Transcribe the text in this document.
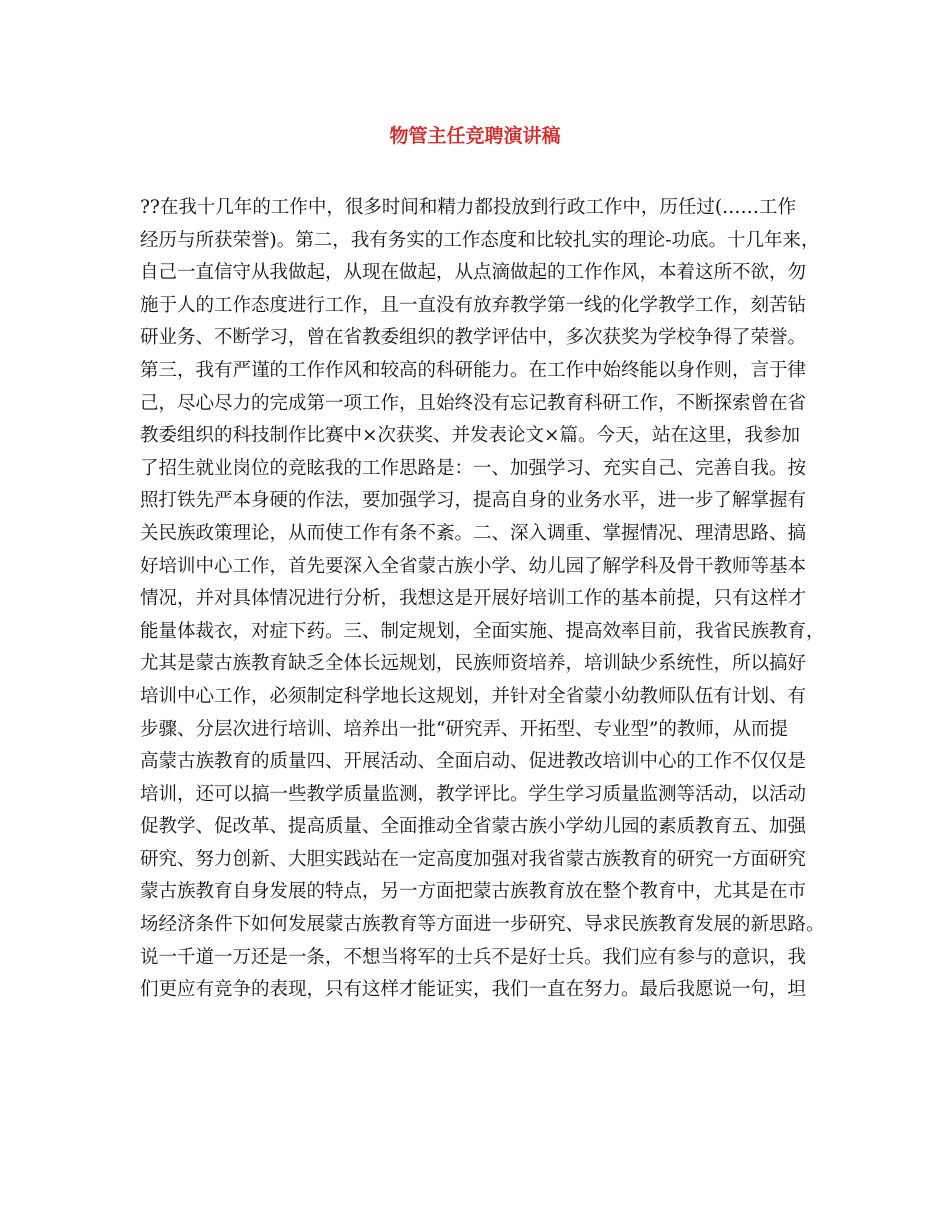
物管主任竞聘演讲稿
??在我十几年的工作中，很多时间和精力都投放到行政工作中，历任过(……工作
经历与所获荣誉)。第二，我有务实的工作态度和比较扎实的理论-功底。十几年来，
自己一直信守从我做起，从现在做起，从点滴做起的工作作风，本着这所不欲，勿
施于人的工作态度进行工作，且一直没有放弃教学第一线的化学教学工作，刻苦钻
研业务、不断学习，曾在省教委组织的教学评估中，多次获奖为学校争得了荣誉。
第三，我有严谨的工作作风和较高的科研能力。在工作中始终能以身作则，言于律
己，尽心尽力的完成第一项工作，且始终没有忘记教育科研工作，不断探索曾在省
教委组织的科技制作比赛中×次获奖、并发表论文×篇。今天，站在这里，我参加
了招生就业岗位的竞眩我的工作思路是：一、加强学习、充实自己、完善自我。按
照打铁先严本身硬的作法，要加强学习，提高自身的业务水平，进一步了解掌握有
关民族政策理论，从而使工作有条不紊。二、深入调重、掌握情况、理清思路、搞
好培训中心工作，首先要深入全省蒙古族小学、幼儿园了解学科及骨干教师等基本
情况，并对具体情况进行分析，我想这是开展好培训工作的基本前提，只有这样才
能量体裁衣，对症下药。三、制定规划，全面实施、提高效率目前，我省民族教育，
尤其是蒙古族教育缺乏全体长远规划，民族师资培养，培训缺少系统性，所以搞好
培训中心工作，必须制定科学地长这规划，并针对全省蒙小幼教师队伍有计划、有
步骤、分层次进行培训、培养出一批“研究弄、开拓型、专业型”的教师，从而提
高蒙古族教育的质量四、开展活动、全面启动、促进教改培训中心的工作不仅仅是
培训，还可以搞一些教学质量监测，教学评比。学生学习质量监测等活动，以活动
促教学、促改革、提高质量、全面推动全省蒙古族小学幼儿园的素质教育五、加强
研究、努力创新、大胆实践站在一定高度加强对我省蒙古族教育的研究一方面研究
蒙古族教育自身发展的特点，另一方面把蒙古族教育放在整个教育中，尤其是在市
场经济条件下如何发展蒙古族教育等方面进一步研究、导求民族教育发展的新思路。
说一千道一万还是一条，不想当将军的士兵不是好士兵。我们应有参与的意识，我
们更应有竞争的表现，只有这样才能证实，我们一直在努力。最后我愿说一句，坦
